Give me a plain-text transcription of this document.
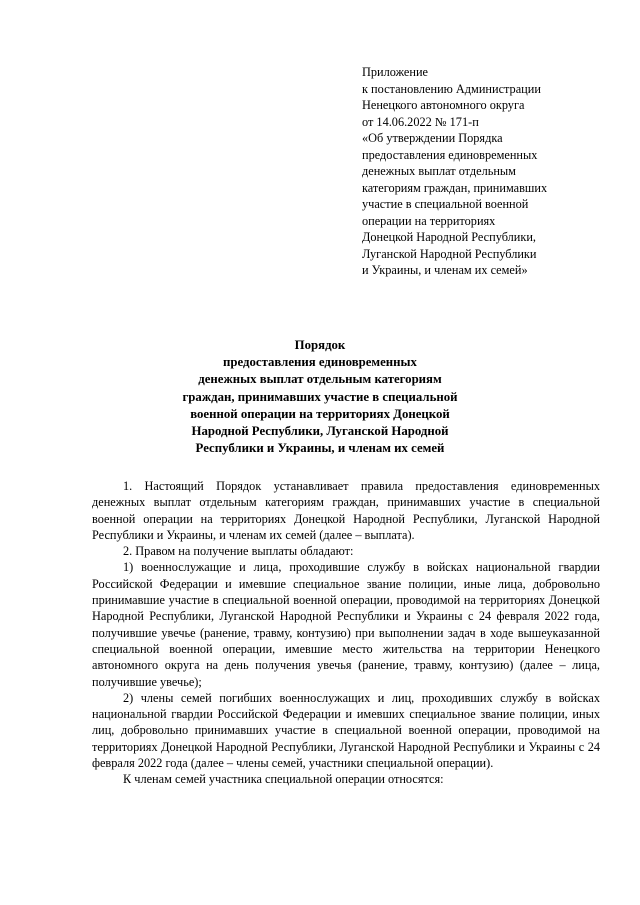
Приложение
к постановлению Администрации
Ненецкого автономного округа
от 14.06.2022 № 171-п
«Об утверждении Порядка
предоставления единовременных
денежных выплат отдельным
категориям граждан, принимавших
участие в специальной военной
операции на территориях
Донецкой Народной Республики,
Луганской Народной Республики
и Украины, и членам их семей»
Порядок
предоставления единовременных
денежных выплат отдельным категориям
граждан, принимавших участие в специальной
военной операции на территориях Донецкой
Народной Республики, Луганской Народной
Республики и Украины, и членам их семей

1. Настоящий Порядок устанавливает правила предоставления единовременных денежных выплат отдельным категориям граждан, принимавших участие в специальной военной операции на территориях Донецкой Народной Республики, Луганской Народной Республики и Украины, и членам их семей (далее – выплата).

2. Правом на получение выплаты обладают:

1) военнослужащие и лица, проходившие службу в войсках национальной гвардии Российской Федерации и имевшие специальное звание полиции, иные лица, добровольно принимавшие участие в специальной военной операции, проводимой на территориях Донецкой Народной Республики, Луганской Народной Республики и Украины с 24 февраля 2022 года, получившие увечье (ранение, травму, контузию) при выполнении задач в ходе вышеуказанной специальной военной операции, имевшие место жительства на территории Ненецкого автономного округа на день получения увечья (ранение, травму, контузию) (далее – лица, получившие увечье);

2) члены семей погибших военнослужащих и лиц, проходивших службу в войсках национальной гвардии Российской Федерации и имевших специальное звание полиции, иных лиц, добровольно принимавших участие в специальной военной операции, проводимой на территориях Донецкой Народной Республики, Луганской Народной Республики и Украины с 24 февраля 2022 года (далее – члены семей, участники специальной операции).

К членам семей участника специальной операции относятся:
